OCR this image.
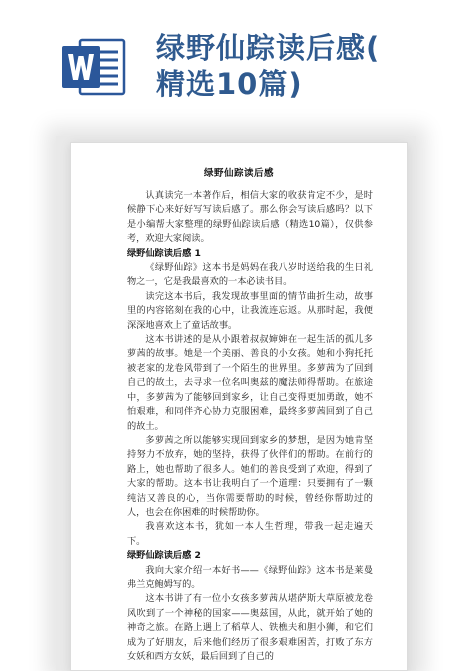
绿野仙踪读后感(
精选10篇)
绿野仙踪读后感

认真读完一本著作后，相信大家的收获肯定不少，是时候静下心来好好写写读后感了。那么你会写读后感吗？以下是小编帮大家整理的绿野仙踪读后感（精选10篇），仅供参考，欢迎大家阅读。

绿野仙踪读后感 1

《绿野仙踪》这本书是妈妈在我八岁时送给我的生日礼物之一，它是我最喜欢的一本必读书目。

读完这本书后，我发现故事里面的情节曲折生动，故事里的内容铭刻在我的心中，让我流连忘返。从那时起，我便深深地喜欢上了童话故事。

这本书讲述的是从小跟着叔叔婶婶在一起生活的孤儿多萝茜的故事。她是一个美丽、善良的小女孩。她和小狗托托被老家的龙卷风带到了一个陌生的世界里。多萝茜为了回到自己的故土，去寻求一位名叫奥兹的魔法师得帮助。在旅途中，多萝茜为了能够回到家乡，让自己变得更加勇敢，她不怕艰难，和同伴齐心协力克服困难，最终多萝茜回到了自己的故土。

多萝茜之所以能够实现回到家乡的梦想，是因为她肯坚持努力不放弃，她的坚持，获得了伙伴们的帮助。在前行的路上，她也帮助了很多人。她们的善良受到了欢迎，得到了大家的帮助。这本书让我明白了一个道理：只要拥有了一颗纯洁又善良的心，当你需要帮助的时候，曾经你帮助过的人，也会在你困难的时候帮助你。

我喜欢这本书，犹如一本人生哲理，带我一起走遍天下。

绿野仙踪读后感 2

我向大家介绍一本好书——《绿野仙踪》这本书是莱曼弗兰克鲍姆写的。

这本书讲了有一位小女孩多萝茜从堪萨斯大草原被龙卷风吹到了一个神秘的国家——奥兹国，从此，就开始了她的神奇之旅。在路上遇上了稻草人、铁樵夫和胆小狮，和它们成为了好朋友，后来他们经历了很多艰难困苦，打败了东方女妖和西方女妖，最后回到了自己的
